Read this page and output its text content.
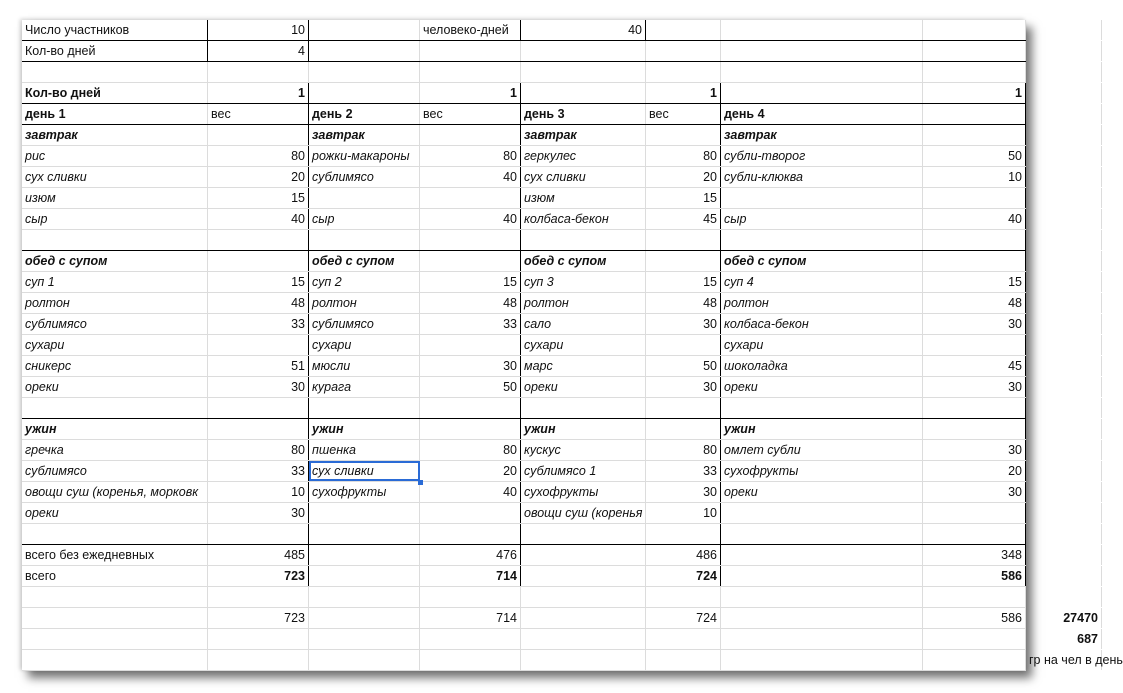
Число участников	10	человеко-дней	40
Кол-во дней	4
Кол-во дней	1	1	1	1
день 1	вес	день 2	вес	день 3	вес	день 4
завтрак	завтрак	завтрак	завтрак
рис	80 рожки-макароны	80 геркулес	80 субли-творог	50
сух сливки	20 сублимясо	40 сух сливки	20 субли-клюква	10
изюм	15	изюм	15
сыр	40 сыр	40 колбаса-бекон	45 сыр	40
обед с супом	обед с супом	обед с супом	обед с супом
суп 1	15 суп 2	15 суп 3	15 суп 4	15
ролтон	48 ролтон	48 ролтон	48 ролтон	48
сублимясо	33 сублимясо	33 сало	30 колбаса-бекон	30
сухари	сухари	сухари	сухари
сникерс	51 мюсли	30 марс	50 шоколадка	45
ореки	30 курага	50 ореки	30 ореки	30
ужин	ужин	ужин	ужин
гречка	80 пшенка	80 кускус	80 омлет субли	30
сублимясо	33 сух сливки	20 сублимясо 1	33 сухофрукты	20
овощи суш (коренья, морковк	10 сухофрукты	40 сухофрукты	30 ореки	30
ореки	30	овощи суш (коренья	10
всего без ежедневных	485	476	486	348
всего	723	714	724	586
723	714	724	586	27470
687
гр на чел в день
